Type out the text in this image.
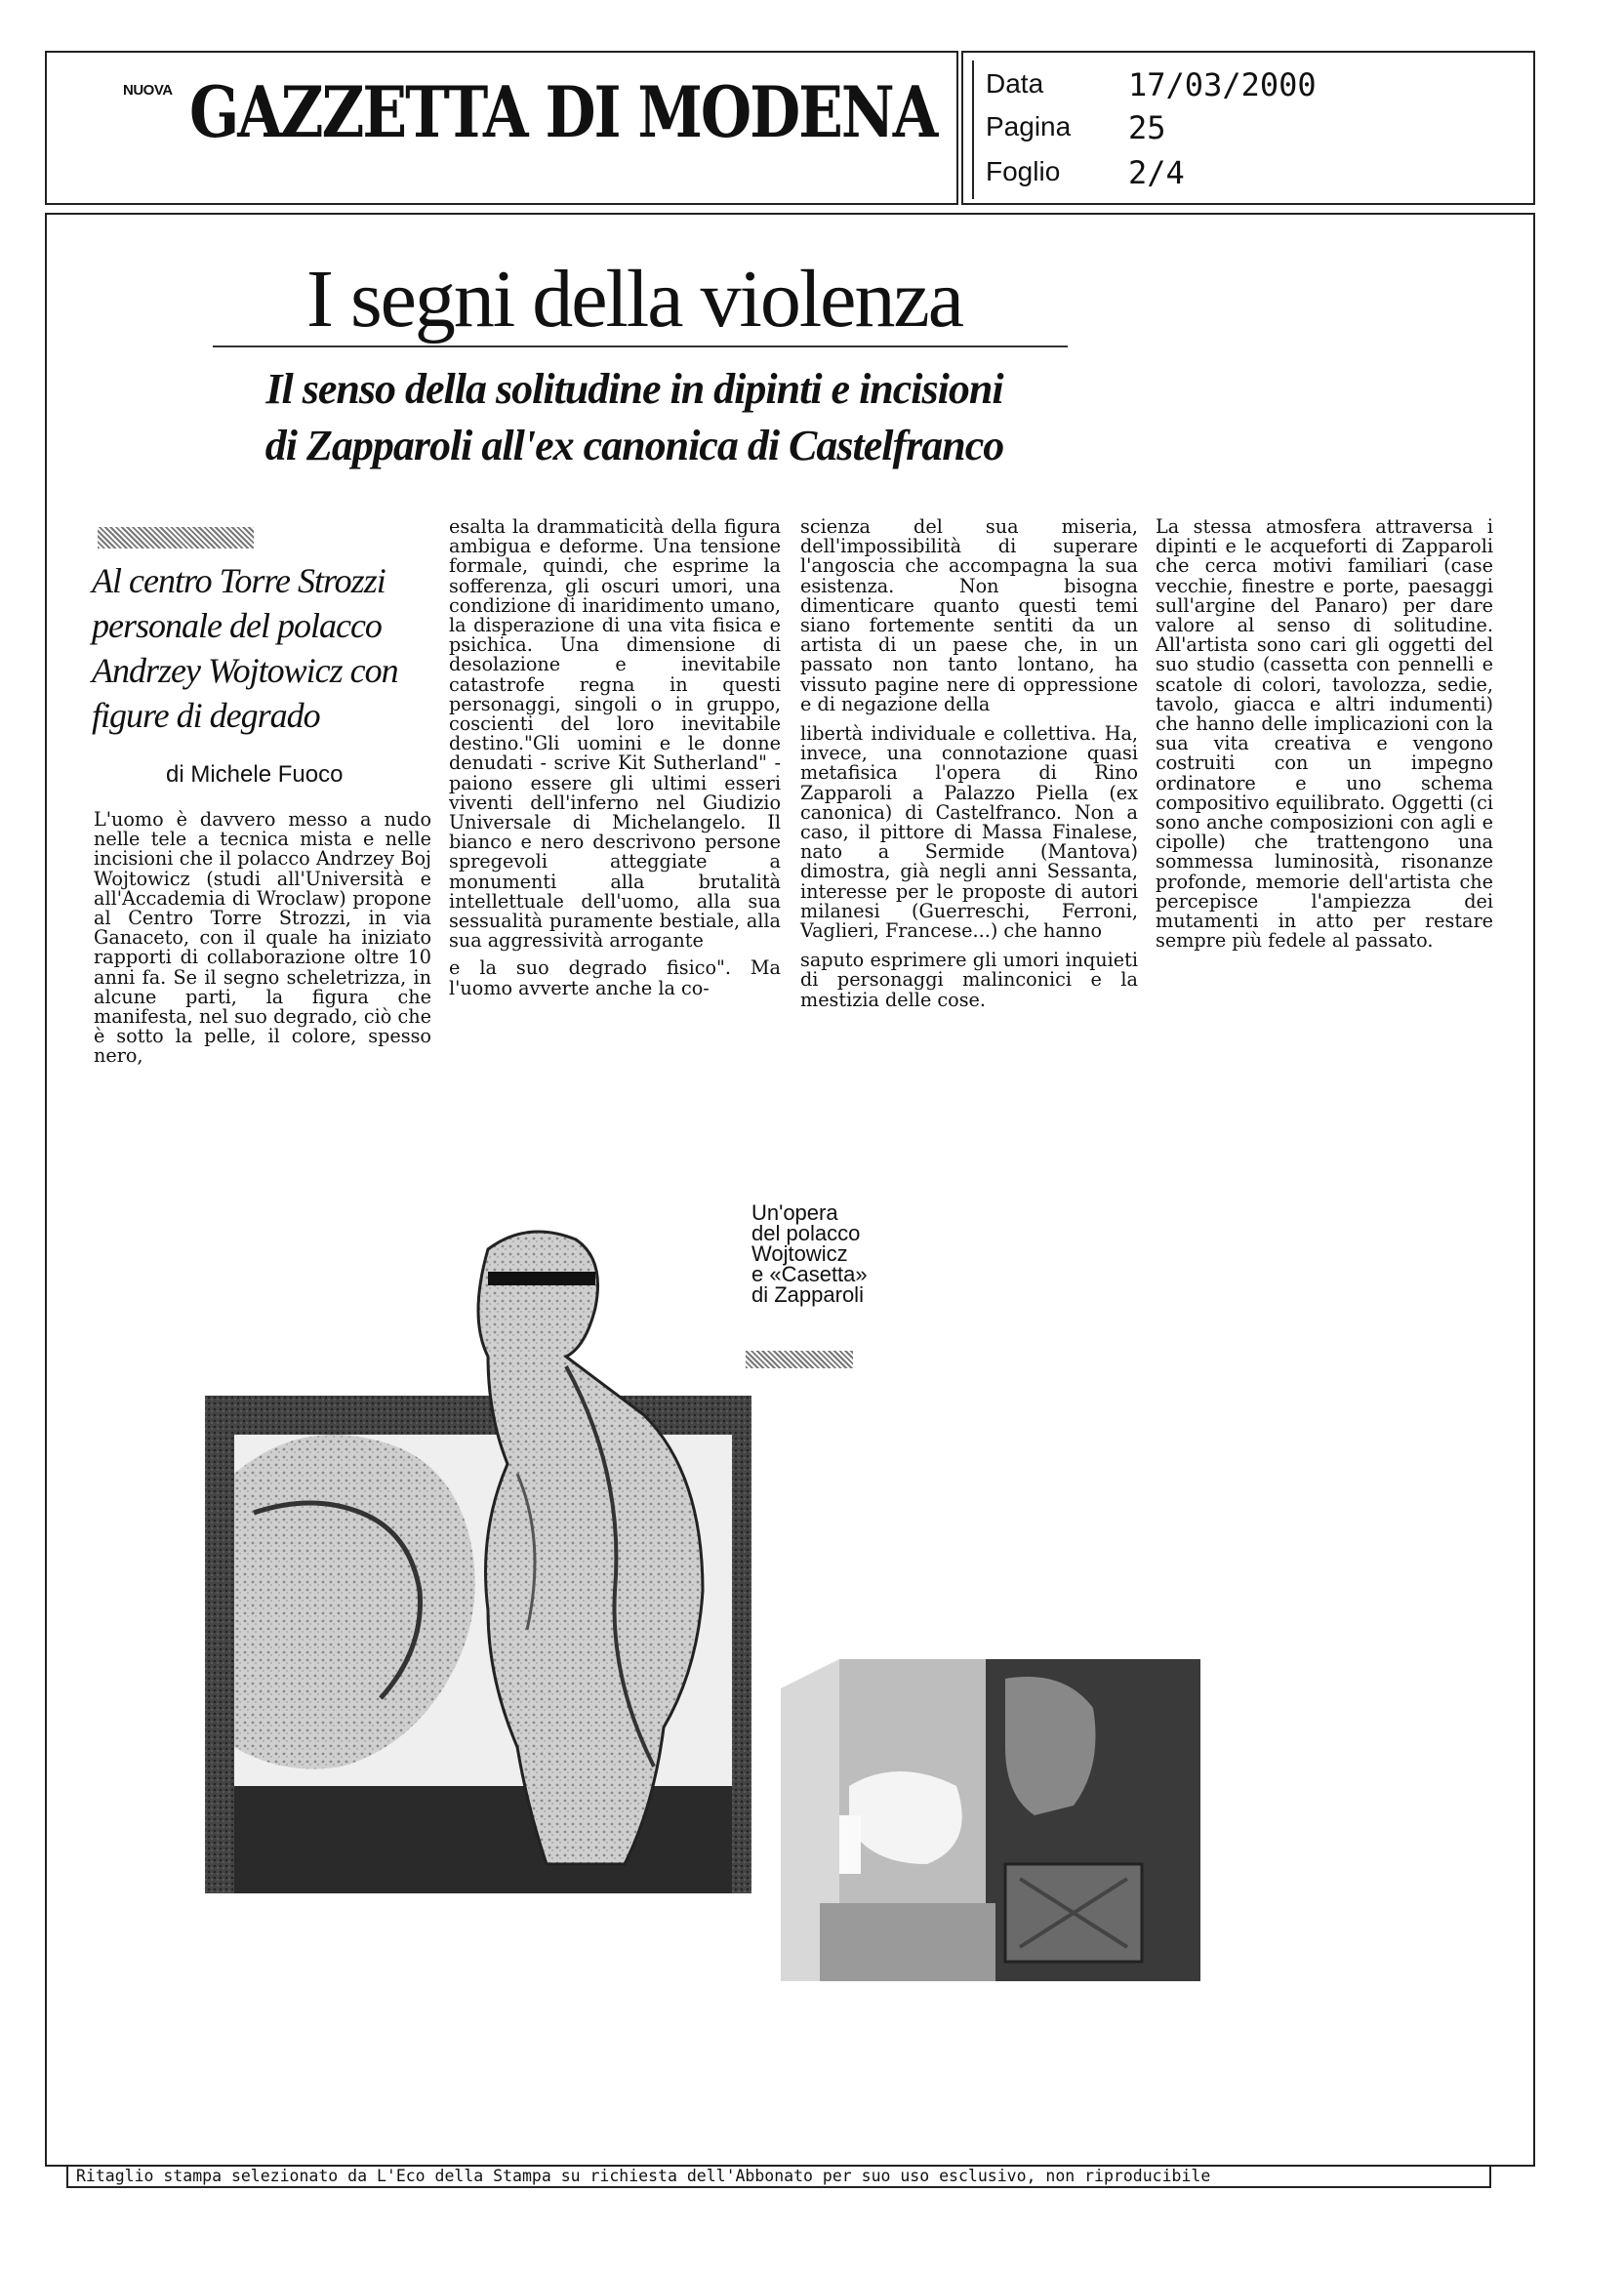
NUOVA GAZZETTA DI MODENA Data	17/03/2000
Pagina 25
Foglio 2/4
I segni della violenza
Il senso della solitudine in dipinti e incisioni
di Zapparoli all'ex canonica di Castelfranco
Al centro Torre Strozzi personale del polacco Andrzey Wojtowicz con figure di degrado
di Michele Fuoco

L'uomo è davvero messo a nudo nelle tele a tecnica mista e nelle incisioni che il polacco Andrzey Boj Wojtowicz (studi all'Università e all'Accademia di Wroclaw) propone al Centro Torre Strozzi, in via Ganaceto, con il quale ha iniziato rapporti di collaborazione oltre 10 anni fa. Se il segno scheletrizza, in alcune parti, la figura che manifesta, nel suo degrado, ciò che è sotto la pelle, il colore, spesso nero,

esalta la drammaticità della figura ambigua e deforme. Una tensione formale, quindi, che esprime la sofferenza, gli oscuri umori, una condizione di inaridimento umano, la disperazione di una vita fisica e psichica. Una dimensione di desolazione e inevitabile catastrofe regna in questi personaggi, singoli o in gruppo, coscienti del loro inevitabile destino."Gli uomini e le donne denudati - scrive Kit Sutherland" - paiono essere gli ultimi esseri viventi dell'inferno nel Giudizio Universale di Michelangelo. Il bianco e nero descrivono persone spregevoli atteggiate a monumenti alla brutalità intellettuale dell'uomo, alla sua sessualità puramente bestiale, alla sua aggressività arrogante

e la suo degrado fisico". Ma l'uomo avverte anche la co-

scienza del sua miseria, dell'impossibilità di superare l'angoscia che accompagna la sua esistenza. Non bisogna dimenticare quanto questi temi siano fortemente sentiti da un artista di un paese che, in un passato non tanto lontano, ha vissuto pagine nere di oppressione e di negazione della

libertà individuale e collettiva. Ha, invece, una connotazione quasi metafisica l'opera di Rino Zapparoli a Palazzo Piella (ex canonica) di Castelfranco. Non a caso, il pittore di Massa Finalese, nato a Sermide (Mantova) dimostra, già negli anni Sessanta, interesse per le proposte di autori milanesi (Guerreschi, Ferroni, Vaglieri, Francese...) che hanno

saputo esprimere gli umori inquieti di personaggi malinconici e la mestizia delle cose.

La stessa atmosfera attraversa i dipinti e le acqueforti di Zapparoli che cerca motivi familiari (case vecchie, finestre e porte, paesaggi sull'argine del Panaro) per dare valore al senso di solitudine. All'artista sono cari gli oggetti del suo studio (cassetta con pennelli e scatole di colori, tavolozza, sedie, tavolo, giacca e altri indumenti) che hanno delle implicazioni con la sua vita creativa e vengono costruiti con un impegno ordinatore e uno schema compositivo equilibrato. Oggetti (ci sono anche composizioni con agli e cipolle) che trattengono una sommessa luminosità, risonanze profonde, memorie dell'artista che percepisce l'ampiezza dei mutamenti in atto per restare sempre più fedele al passato.

Un'opera
del polacco
Wojtowicz
e «Casetta»
di Zapparoli
Ritaglio stampa selezionato da L'Eco della Stampa su richiesta dell'Abbonato per suo uso esclusivo, non riproducibile
